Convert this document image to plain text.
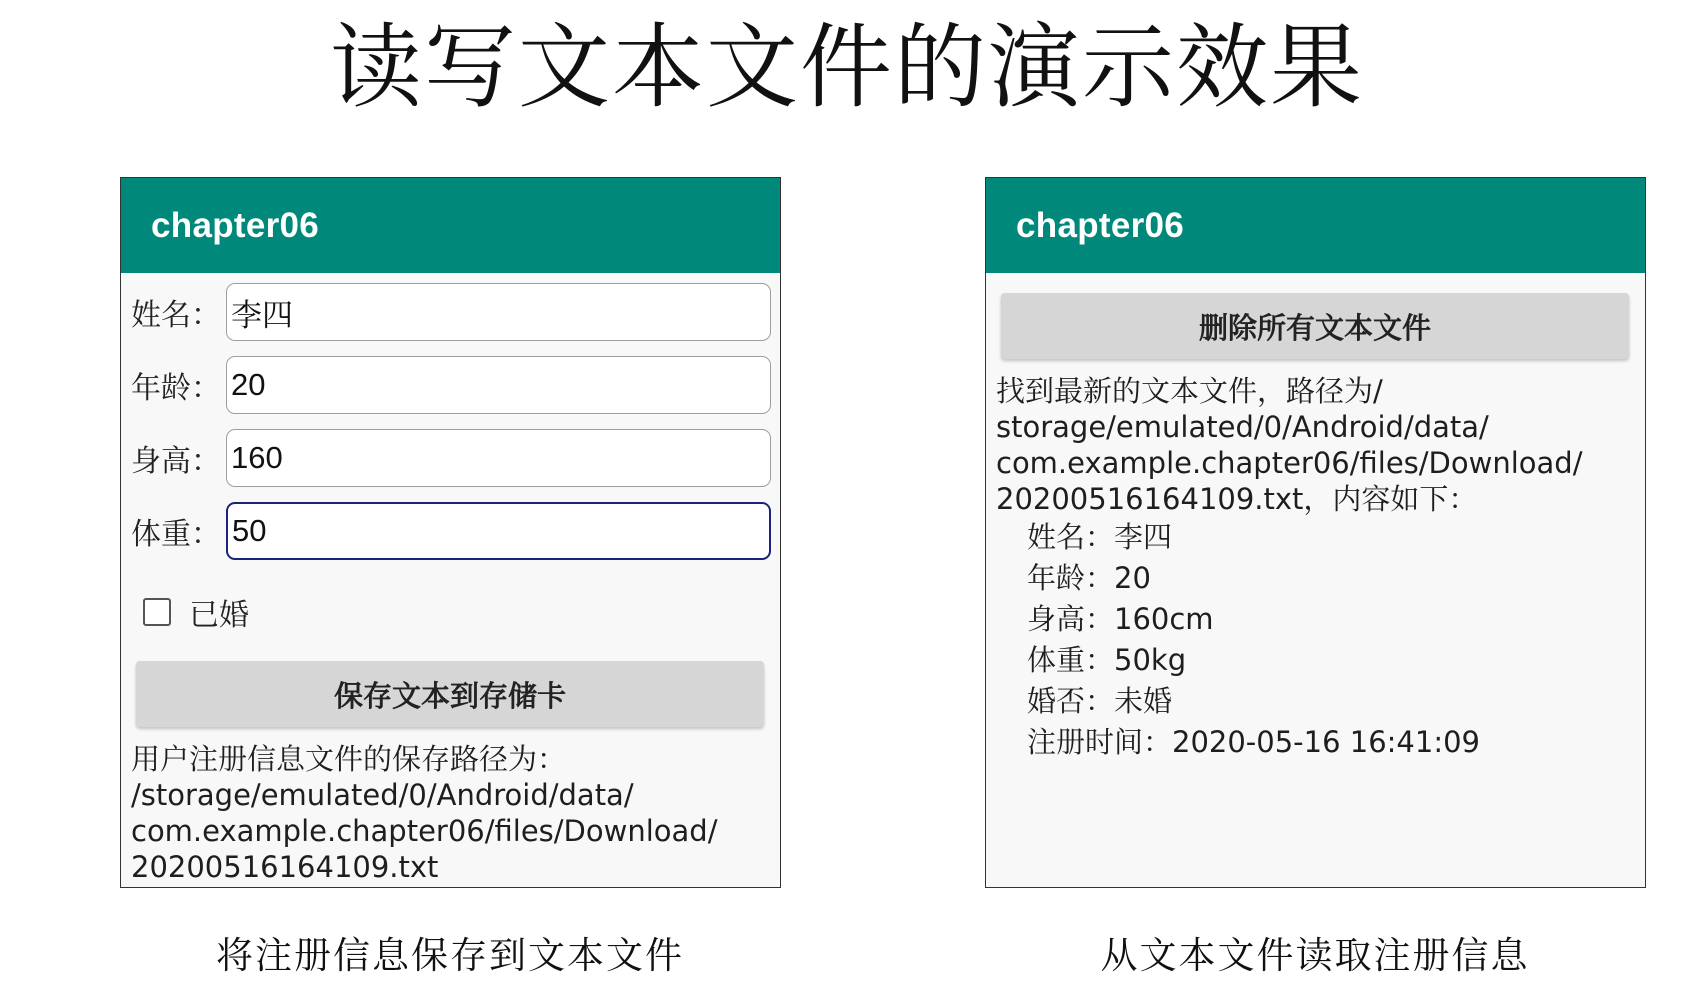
读写文本文件的演示效果
chapter06
姓名： 李四
年龄： 20
身高： 160
体重： 50
已婚
保存文本到存储卡
用户注册信息文件的保存路径为：
/storage/emulated/0/Android/data/
com.example.chapter06/files/Download/
20200516164109.txt
chapter06
删除所有文本文件
找到最新的文本文件，路径为/
storage/emulated/0/Android/data/
com.example.chapter06/files/Download/
20200516164109.txt，内容如下：
姓名：李四
年龄：20
身高：160cm
体重：50kg
婚否：未婚
注册时间：2020-05-16 16:41:09
将注册信息保存到文本文件	从文本文件读取注册信息
